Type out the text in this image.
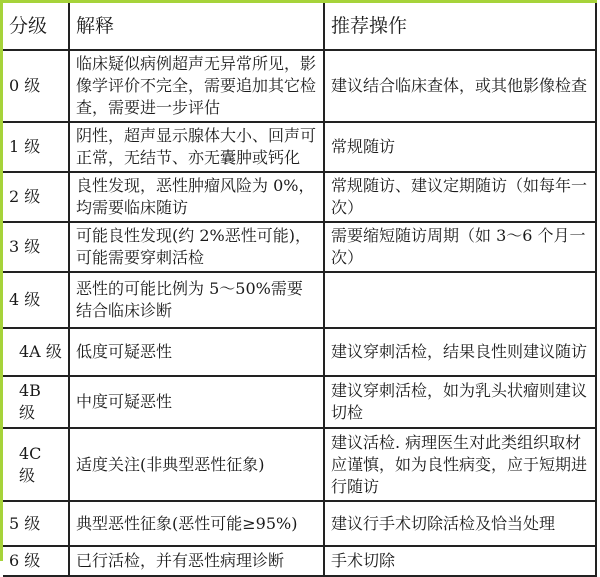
分级	解释	推荐操作
0 级	临床疑似病例超声无异常所见，影像学评价不完全，需要追加其它检查，需要进一步评估	建议结合临床查体，或其他影像检查
1 级	阴性，超声显示腺体大小、回声可正常，无结节、亦无囊肿或钙化	常规随访
2 级	良性发现，恶性肿瘤风险为 0%，均需要临床随访	常规随访、建议定期随访（如每年一次）
3 级	可能良性发现(约 2%恶性可能)，可能需要穿刺活检	需要缩短随访周期（如 3～6 个月一次）
4 级	恶性的可能比例为 5～50%需要结合临床诊断	
4A 级	低度可疑恶性	建议穿刺活检，结果良性则建议随访
4B 级	中度可疑恶性	建议穿刺活检，如为乳头状瘤则建议切检
4C 级	适度关注(非典型恶性征象)	建议活检. 病理医生对此类组织取材应谨慎，如为良性病变，应于短期进行随访
5 级	典型恶性征象(恶性可能≥95%)	建议行手术切除活检及恰当处理
6 级	已行活检，并有恶性病理诊断	手术切除
